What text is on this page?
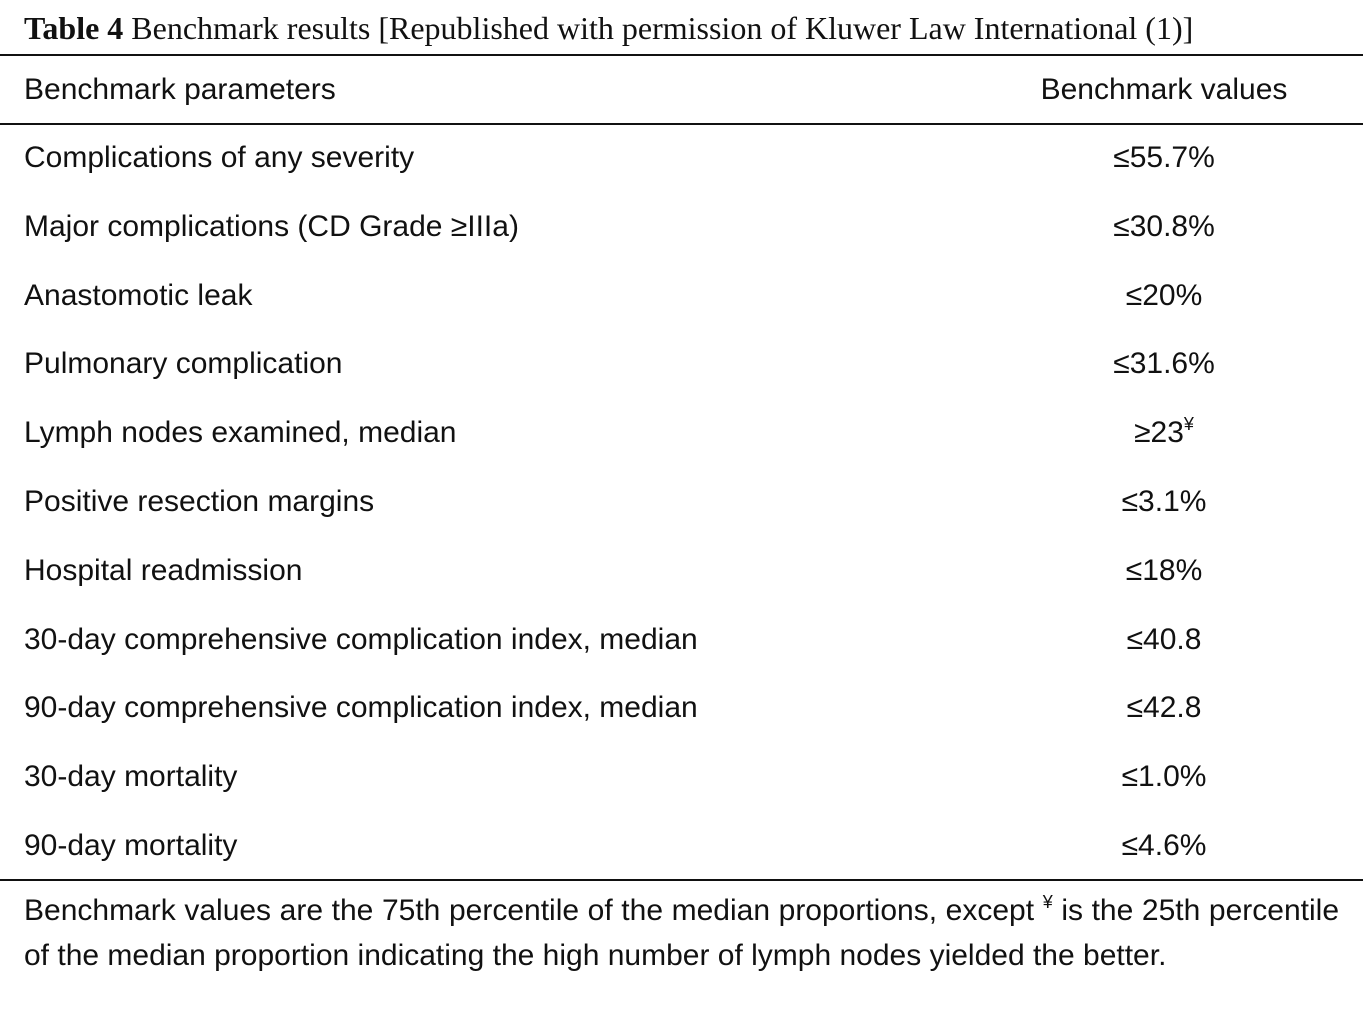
Table 4 Benchmark results [Republished with permission of Kluwer Law International (1)]
Benchmark parameters	Benchmark values
Complications of any severity	≤55.7%
Major complications (CD Grade ≥IIIa)	≤30.8%
Anastomotic leak	≤20%
Pulmonary complication	≤31.6%
Lymph nodes examined, median	≥23¥
Positive resection margins	≤3.1%
Hospital readmission	≤18%
30-day comprehensive complication index, median	≤40.8
90-day comprehensive complication index, median	≤42.8
30-day mortality	≤1.0%
90-day mortality	≤4.6%
Benchmark values are the 75th percentile of the median proportions, except ¥ is the 25th percentile of the median proportion indicating the high number of lymph nodes yielded the better.
